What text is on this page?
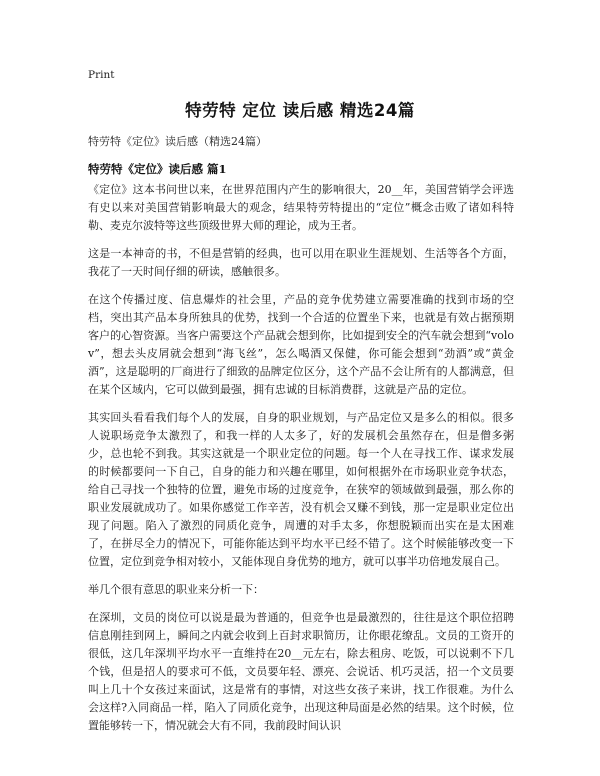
Print
特劳特 定位 读后感 精选24篇
特劳特《定位》读后感（精选24篇）
特劳特《定位》读后感 篇1

《定位》这本书问世以来，在世界范围内产生的影响很大，20__年，美国营销学会评选有史以来对美国营销影响最大的观念，结果特劳特提出的“定位”概念击败了诸如科特勒、麦克尔波特等这些顶级世界大师的理论，成为王者。

这是一本神奇的书，不但是营销的经典，也可以用在职业生涯规划、生活等各个方面，我花了一天时间仔细的研读，感触很多。

在这个传播过度、信息爆炸的社会里，产品的竞争优势建立需要准确的找到市场的空档，突出其产品本身所独具的优势，找到一个合适的位置坐下来，也就是有效占据预期客户的心智资源。当客户需要这个产品就会想到你，比如提到安全的汽车就会想到“volov”，想去头皮屑就会想到“海飞丝”，怎么喝酒又保健，你可能会想到“劲酒”或“黄金酒”，这是聪明的厂商进行了细致的品牌定位区分，这个产品不会让所有的人都满意，但在某个区域内，它可以做到最强，拥有忠诚的目标消费群，这就是产品的定位。

其实回头看看我们每个人的发展，自身的职业规划，与产品定位又是多么的相似。很多人说职场竞争太激烈了，和我一样的人太多了，好的发展机会虽然存在，但是僧多粥少，总也轮不到我。其实这就是一个职业定位的问题。每一个人在寻找工作、谋求发展的时候都要问一下自己，自身的能力和兴趣在哪里，如何根据外在市场职业竞争状态，给自己寻找一个独特的位置，避免市场的过度竞争，在狭窄的领域做到最强，那么你的职业发展就成功了。如果你感觉工作辛苦，没有机会又赚不到钱，那一定是职业定位出现了问题。陷入了激烈的同质化竞争，周遭的对手太多，你想脱颖而出实在是太困难了，在拼尽全力的情况下，可能你能达到平均水平已经不错了。这个时候能够改变一下位置，定位到竞争相对较小，又能体现自身优势的地方，就可以事半功倍地发展自己。

举几个很有意思的职业来分析一下：

在深圳，文员的岗位可以说是最为普通的，但竞争也是最激烈的，往往是这个职位招聘信息刚挂到网上，瞬间之内就会收到上百封求职简历，让你眼花缭乱。文员的工资开的很低，这几年深圳平均水平一直维持在20__元左右，除去租房、吃饭，可以说剩不下几个钱，但是招人的要求可不低，文员要年轻、漂亮、会说话、机巧灵活，招一个文员要叫上几十个女孩过来面试，这是常有的事情，对这些女孩子来讲，找工作很难。为什么会这样?入同商品一样，陷入了同质化竞争，出现这种局面是必然的结果。这个时候，位置能够转一下，情况就会大有不同，我前段时间认识
